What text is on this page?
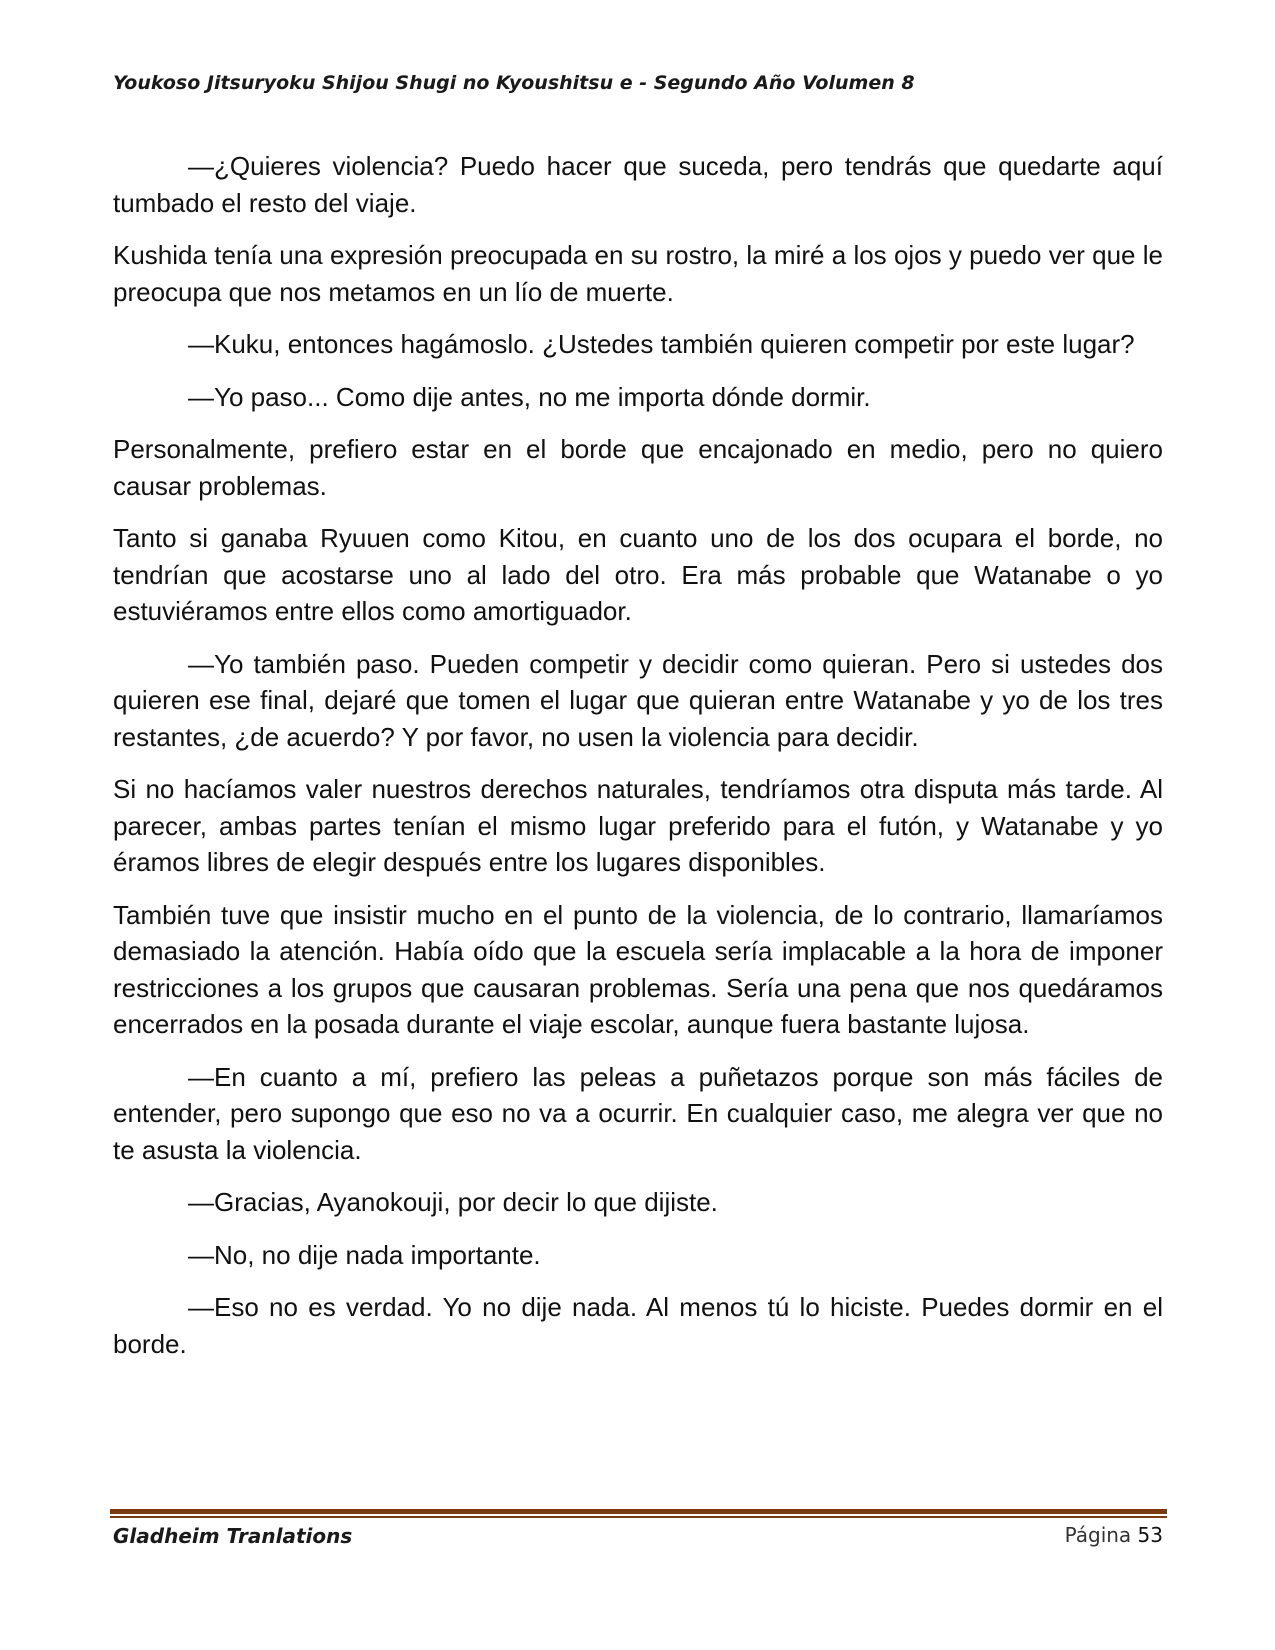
Youkoso Jitsuryoku Shijou Shugi no Kyoushitsu e - Segundo Año Volumen 8

—¿Quieres violencia? Puedo hacer que suceda, pero tendrás que quedarte aquí tumbado el resto del viaje.

Kushida tenía una expresión preocupada en su rostro, la miré a los ojos y puedo ver que le preocupa que nos metamos en un lío de muerte.

—Kuku, entonces hagámoslo. ¿Ustedes también quieren competir por este lugar?

—Yo paso... Como dije antes, no me importa dónde dormir.

Personalmente, prefiero estar en el borde que encajonado en medio, pero no quiero causar problemas.

Tanto si ganaba Ryuuen como Kitou, en cuanto uno de los dos ocupara el borde, no tendrían que acostarse uno al lado del otro. Era más probable que Watanabe o yo estuviéramos entre ellos como amortiguador.

—Yo también paso. Pueden competir y decidir como quieran. Pero si ustedes dos quieren ese final, dejaré que tomen el lugar que quieran entre Watanabe y yo de los tres restantes, ¿de acuerdo? Y por favor, no usen la violencia para decidir.

Si no hacíamos valer nuestros derechos naturales, tendríamos otra disputa más tarde. Al parecer, ambas partes tenían el mismo lugar preferido para el futón, y Watanabe y yo éramos libres de elegir después entre los lugares disponibles.

También tuve que insistir mucho en el punto de la violencia, de lo contrario, llamaríamos demasiado la atención. Había oído que la escuela sería implacable a la hora de imponer restricciones a los grupos que causaran problemas. Sería una pena que nos quedáramos encerrados en la posada durante el viaje escolar, aunque fuera bastante lujosa.

—En cuanto a mí, prefiero las peleas a puñetazos porque son más fáciles de entender, pero supongo que eso no va a ocurrir. En cualquier caso, me alegra ver que no te asusta la violencia.

—Gracias, Ayanokouji, por decir lo que dijiste.

—No, no dije nada importante.

—Eso no es verdad. Yo no dije nada. Al menos tú lo hiciste. Puedes dormir en el borde.

Gladheim Tranlations	Página 53
